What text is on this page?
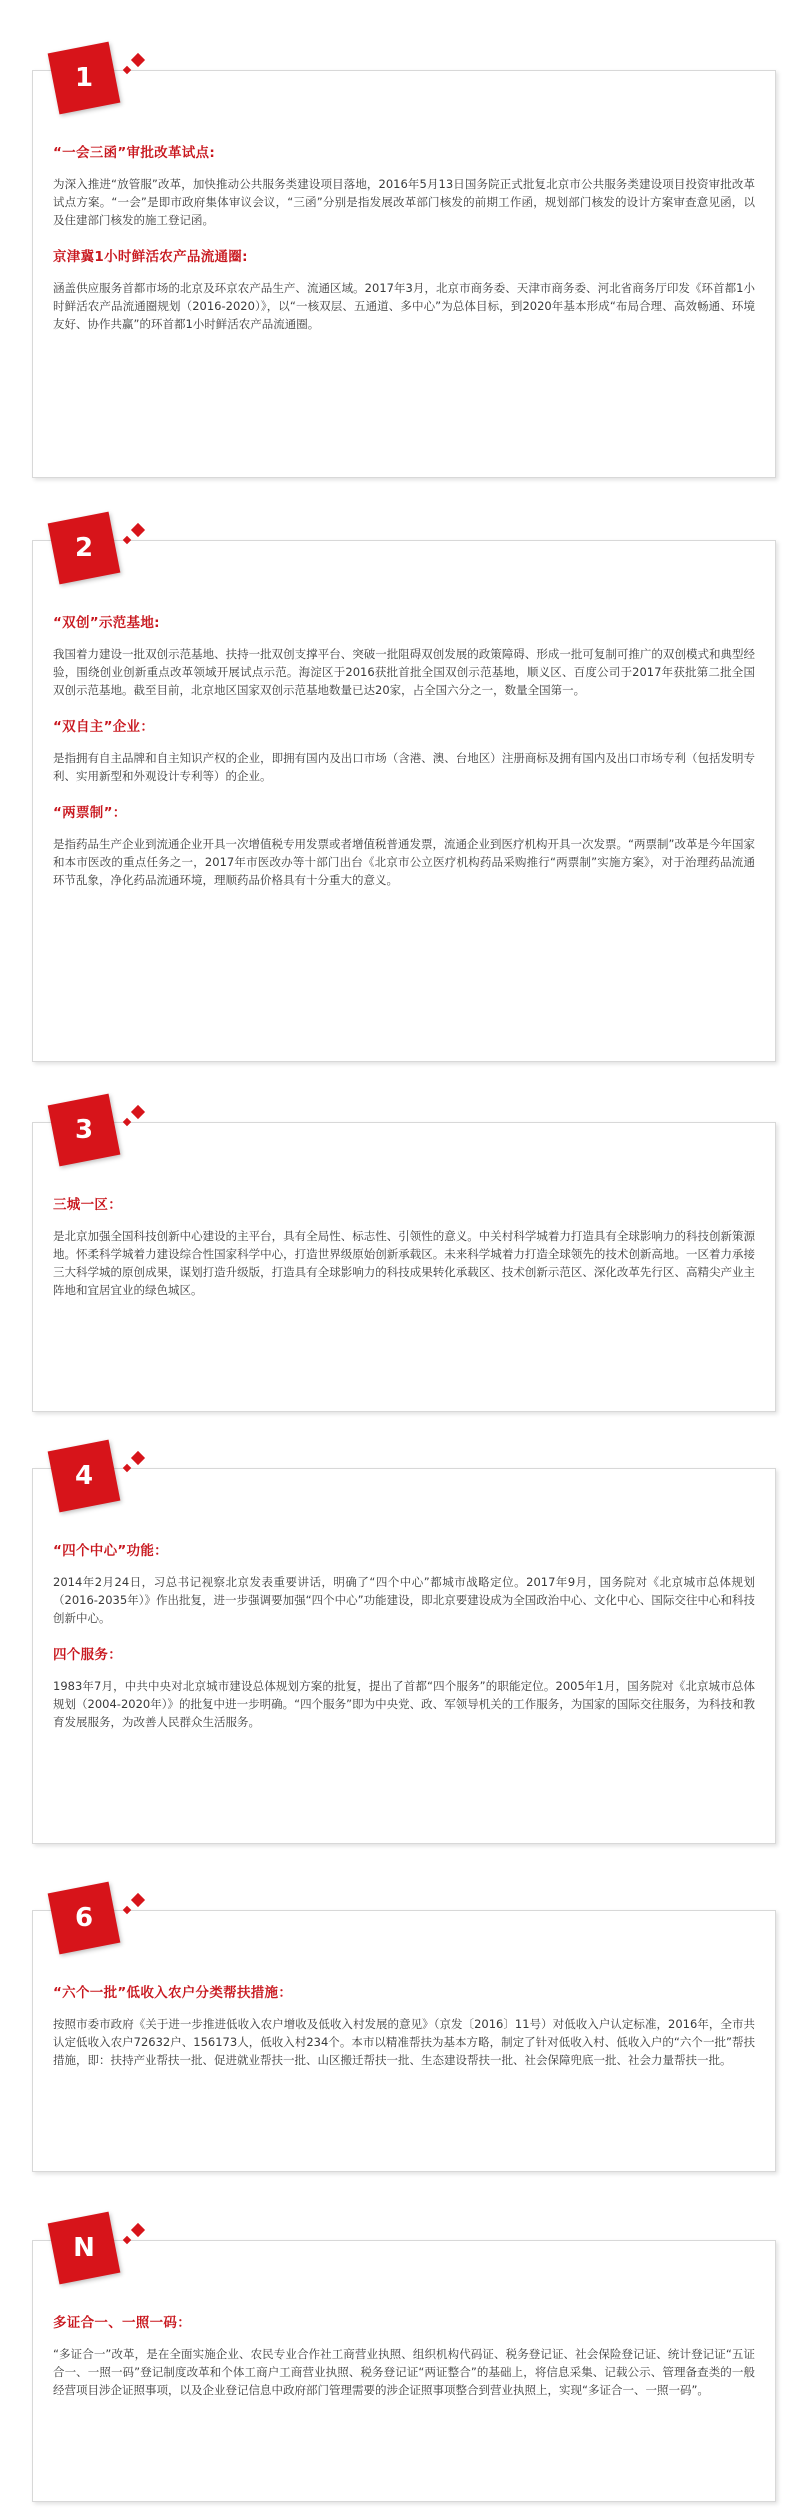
1

“一会三函”审批改革试点:

为深入推进“放管服”改革，加快推动公共服务类建设项目落地，2016年5月13日国务院正式批复北京市公共服务类建设项目投资审批改革试点方案。“一会”是即市政府集体审议会议，“三函”分别是指发展改革部门核发的前期工作函，规划部门核发的设计方案审查意见函，以及住建部门核发的施工登记函。

京津冀1小时鲜活农产品流通圈:

涵盖供应服务首都市场的北京及环京农产品生产、流通区域。2017年3月，北京市商务委、天津市商务委、河北省商务厅印发《环首都1小时鲜活农产品流通圈规划（2016-2020）》，以“一核双层、五通道、多中心”为总体目标，到2020年基本形成“布局合理、高效畅通、环境友好、协作共赢”的环首都1小时鲜活农产品流通圈。

2

“双创”示范基地:

我国着力建设一批双创示范基地、扶持一批双创支撑平台、突破一批阻碍双创发展的政策障碍、形成一批可复制可推广的双创模式和典型经验，围绕创业创新重点改革领域开展试点示范。海淀区于2016获批首批全国双创示范基地，顺义区、百度公司于2017年获批第二批全国双创示范基地。截至目前，北京地区国家双创示范基地数量已达20家，占全国六分之一，数量全国第一。

“双自主”企业：

是指拥有自主品牌和自主知识产权的企业，即拥有国内及出口市场（含港、澳、台地区）注册商标及拥有国内及出口市场专利（包括发明专利、实用新型和外观设计专利等）的企业。

“两票制”：

是指药品生产企业到流通企业开具一次增值税专用发票或者增值税普通发票，流通企业到医疗机构开具一次发票。“两票制”改革是今年国家和本市医改的重点任务之一，2017年市医改办等十部门出台《北京市公立医疗机构药品采购推行“两票制”实施方案》，对于治理药品流通环节乱象，净化药品流通环境，理顺药品价格具有十分重大的意义。

3

三城一区：

是北京加强全国科技创新中心建设的主平台，具有全局性、标志性、引领性的意义。中关村科学城着力打造具有全球影响力的科技创新策源地。怀柔科学城着力建设综合性国家科学中心，打造世界级原始创新承载区。未来科学城着力打造全球领先的技术创新高地。一区着力承接三大科学城的原创成果，谋划打造升级版，打造具有全球影响力的科技成果转化承载区、技术创新示范区、深化改革先行区、高精尖产业主阵地和宜居宜业的绿色城区。

4

“四个中心”功能：

2014年2月24日，习总书记视察北京发表重要讲话，明确了“四个中心”都城市战略定位。2017年9月，国务院对《北京城市总体规划（2016-2035年）》作出批复，进一步强调要加强“四个中心”功能建设，即北京要建设成为全国政治中心、文化中心、国际交往中心和科技创新中心。

四个服务：

1983年7月，中共中央对北京城市建设总体规划方案的批复，提出了首都“四个服务”的职能定位。2005年1月，国务院对《北京城市总体规划（2004-2020年）》的批复中进一步明确。“四个服务”即为中央党、政、军领导机关的工作服务，为国家的国际交往服务，为科技和教育发展服务，为改善人民群众生活服务。

6

“六个一批”低收入农户分类帮扶措施：

按照市委市政府《关于进一步推进低收入农户增收及低收入村发展的意见》（京发〔2016〕11号）对低收入户认定标准，2016年，全市共认定低收入农户72632户、156173人，低收入村234个。本市以精准帮扶为基本方略，制定了针对低收入村、低收入户的“六个一批”帮扶措施，即：扶持产业帮扶一批、促进就业帮扶一批、山区搬迁帮扶一批、生态建设帮扶一批、社会保障兜底一批、社会力量帮扶一批。

N

多证合一、一照一码：

“多证合一”改革，是在全面实施企业、农民专业合作社工商营业执照、组织机构代码证、税务登记证、社会保险登记证、统计登记证“五证合一、一照一码”登记制度改革和个体工商户工商营业执照、税务登记证“两证整合”的基础上，将信息采集、记载公示、管理备查类的一般经营项目涉企证照事项，以及企业登记信息中政府部门管理需要的涉企证照事项整合到营业执照上，实现“多证合一、一照一码”。
